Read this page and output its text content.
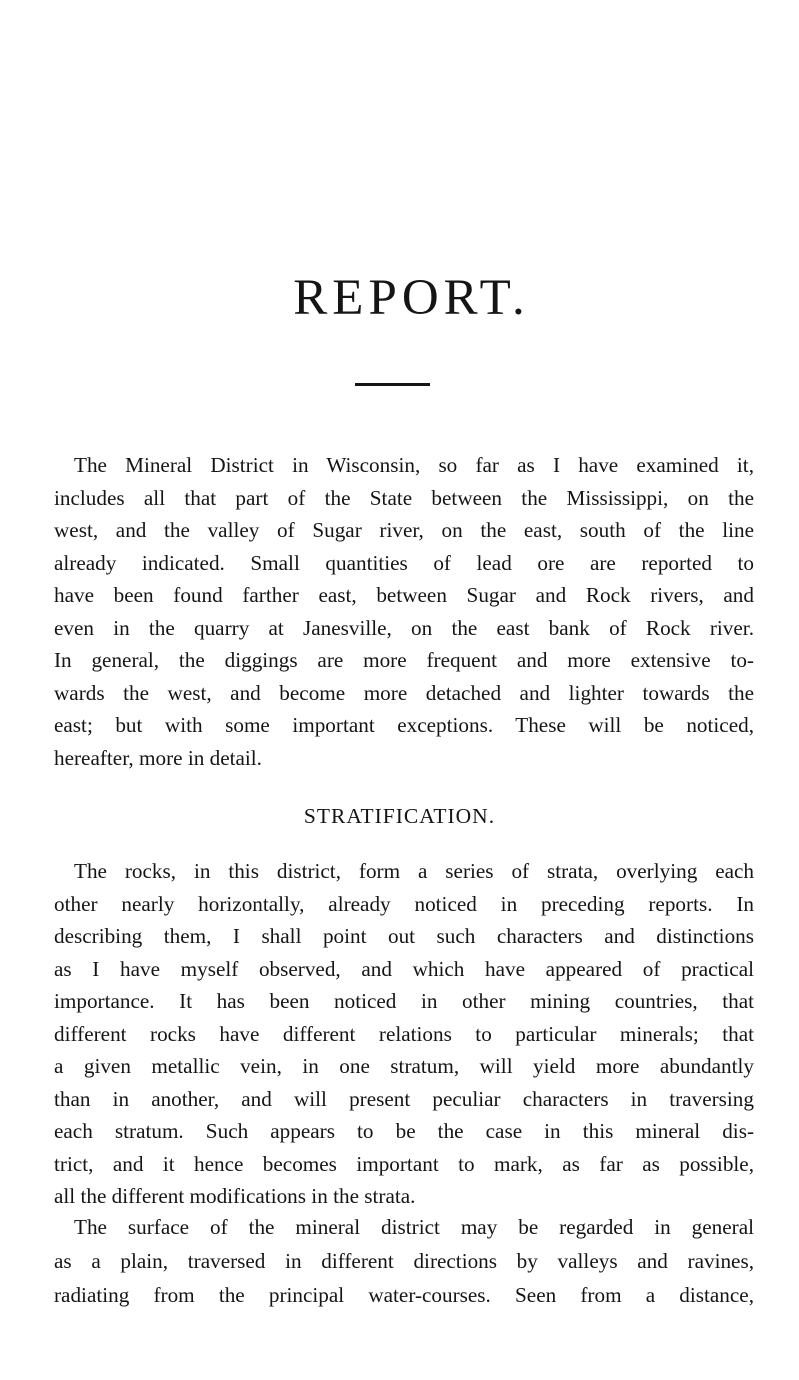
REPORT.
The Mineral District in Wisconsin, so far as I have examined it,
includes all that part of the State between the Mississippi, on the
west, and the valley of Sugar river, on the east, south of the line
already indicated. Small quantities of lead ore are reported to
have been found farther east, between Sugar and Rock rivers, and
even in the quarry at Janesville, on the east bank of Rock river.
In general, the diggings are more frequent and more extensive to-
wards the west, and become more detached and lighter towards the
east; but with some important exceptions. These will be noticed,
hereafter, more in detail.
STRATIFICATION.
The rocks, in this district, form a series of strata, overlying each
other nearly horizontally, already noticed in preceding reports. In
describing them, I shall point out such characters and distinctions
as I have myself observed, and which have appeared of practical
importance. It has been noticed in other mining countries, that
different rocks have different relations to particular minerals; that
a given metallic vein, in one stratum, will yield more abundantly
than in another, and will present peculiar characters in traversing
each stratum. Such appears to be the case in this mineral dis-
trict, and it hence becomes important to mark, as far as possible,
all the different modifications in the strata.
The surface of the mineral district may be regarded in general
as a plain, traversed in different directions by valleys and ravines,
radiating from the principal water-courses. Seen from a distance,
